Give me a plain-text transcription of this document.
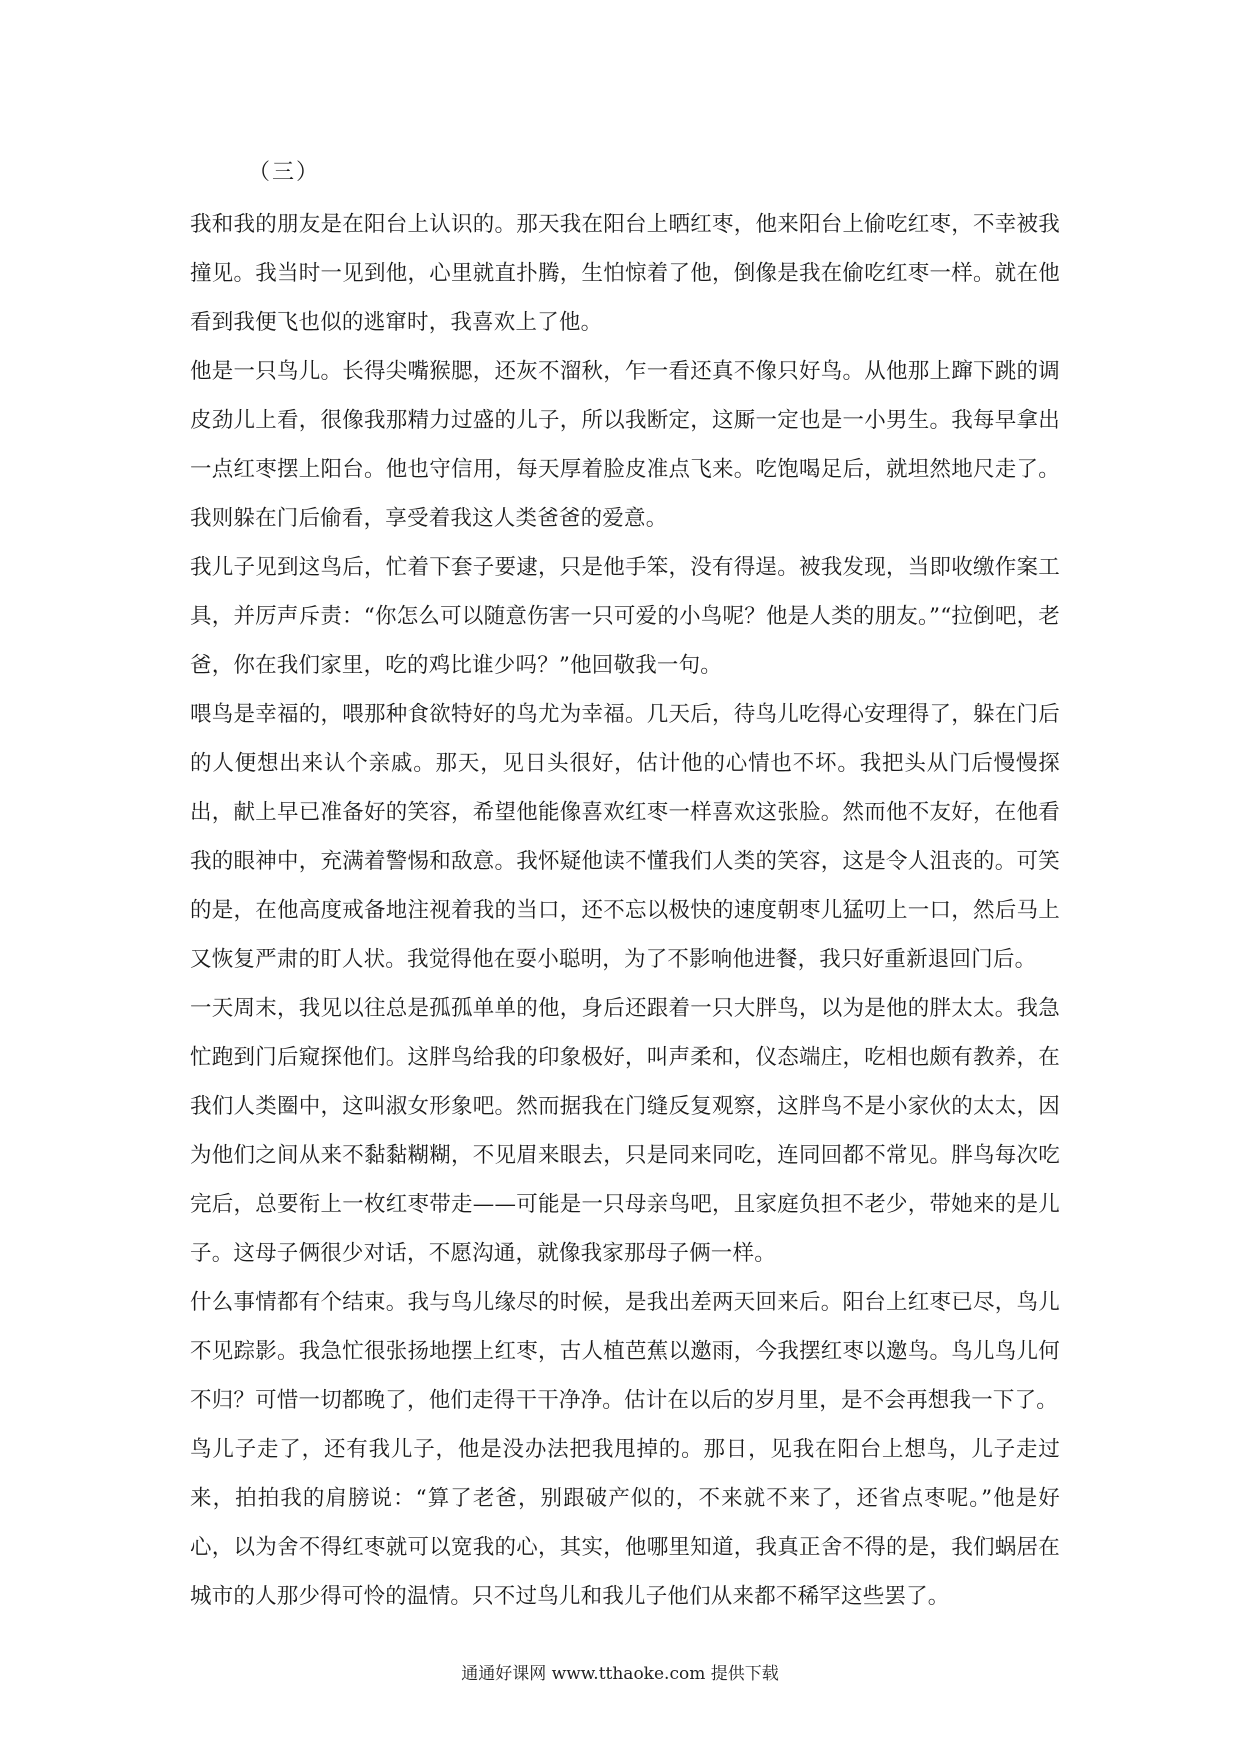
（三）

我和我的朋友是在阳台上认识的。那天我在阳台上晒红枣，他来阳台上偷吃红枣，不幸被我撞见。我当时一见到他，心里就直扑腾，生怕惊着了他，倒像是我在偷吃红枣一样。就在他看到我便飞也似的逃窜时，我喜欢上了他。

他是一只鸟儿。长得尖嘴猴腮，还灰不溜秋，乍一看还真不像只好鸟。从他那上蹿下跳的调皮劲儿上看，很像我那精力过盛的儿子，所以我断定，这厮一定也是一小男生。我每早拿出一点红枣摆上阳台。他也守信用，每天厚着脸皮准点飞来。吃饱喝足后，就坦然地尺走了。我则躲在门后偷看，享受着我这人类爸爸的爱意。

我儿子见到这鸟后，忙着下套子要逮，只是他手笨，没有得逞。被我发现，当即收缴作案工具，并厉声斥责：“你怎么可以随意伤害一只可爱的小鸟呢？他是人类的朋友。”“拉倒吧，老爸，你在我们家里，吃的鸡比谁少吗？”他回敬我一句。

喂鸟是幸福的，喂那种食欲特好的鸟尤为幸福。几天后，待鸟儿吃得心安理得了，躲在门后的人便想出来认个亲戚。那天，见日头很好，估计他的心情也不坏。我把头从门后慢慢探出，献上早已准备好的笑容，希望他能像喜欢红枣一样喜欢这张脸。然而他不友好，在他看我的眼神中，充满着警惕和敌意。我怀疑他读不懂我们人类的笑容，这是令人沮丧的。可笑的是，在他高度戒备地注视着我的当口，还不忘以极快的速度朝枣儿猛叨上一口，然后马上又恢复严肃的盯人状。我觉得他在耍小聪明，为了不影响他进餐，我只好重新退回门后。

一天周末，我见以往总是孤孤单单的他，身后还跟着一只大胖鸟，以为是他的胖太太。我急忙跑到门后窥探他们。这胖鸟给我的印象极好，叫声柔和，仪态端庄，吃相也颇有教养，在我们人类圈中，这叫淑女形象吧。然而据我在门缝反复观察，这胖鸟不是小家伙的太太，因为他们之间从来不黏黏糊糊，不见眉来眼去，只是同来同吃，连同回都不常见。胖鸟每次吃完后，总要衔上一枚红枣带走——可能是一只母亲鸟吧，且家庭负担不老少，带她来的是儿子。这母子俩很少对话，不愿沟通，就像我家那母子俩一样。

什么事情都有个结束。我与鸟儿缘尽的时候，是我出差两天回来后。阳台上红枣已尽，鸟儿不见踪影。我急忙很张扬地摆上红枣，古人植芭蕉以邀雨，今我摆红枣以邀鸟。鸟儿鸟儿何不归？可惜一切都晚了，他们走得干干净净。估计在以后的岁月里，是不会再想我一下了。

鸟儿子走了，还有我儿子，他是没办法把我甩掉的。那日，见我在阳台上想鸟，儿子走过来，拍拍我的肩膀说：“算了老爸，别跟破产似的，不来就不来了，还省点枣呢。”他是好心，以为舍不得红枣就可以宽我的心，其实，他哪里知道，我真正舍不得的是，我们蜗居在城市的人那少得可怜的温情。只不过鸟儿和我儿子他们从来都不稀罕这些罢了。

通通好课网 www.tthaoke.com 提供下载
